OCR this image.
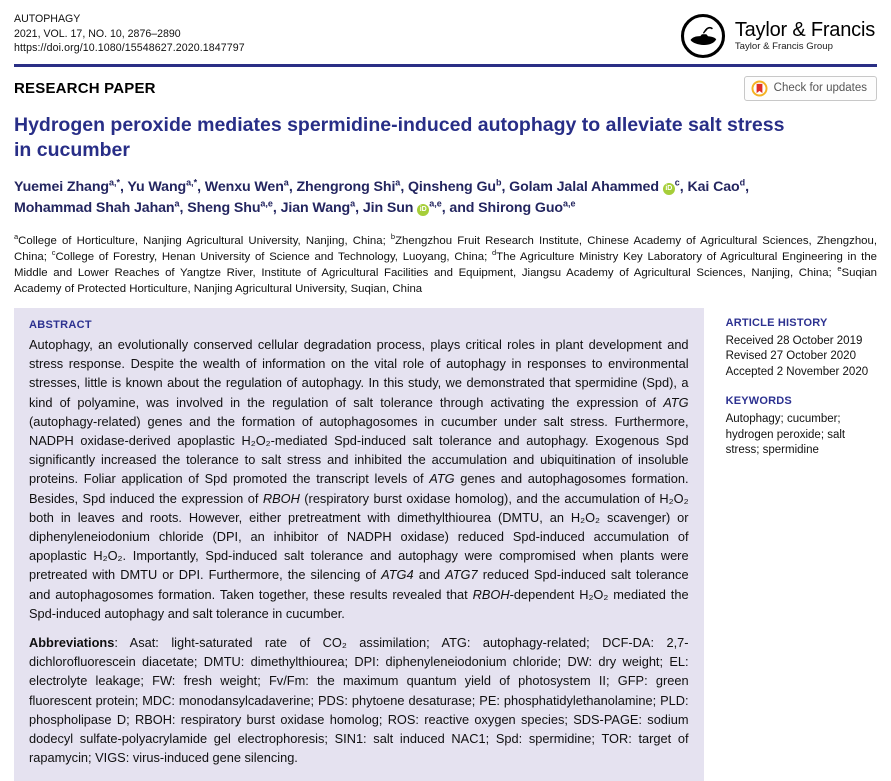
AUTOPHAGY
2021, VOL. 17, NO. 10, 2876–2890
https://doi.org/10.1080/15548627.2020.1847797
Taylor & Francis
Taylor & Francis Group
RESEARCH PAPER	Check for updates
Hydrogen peroxide mediates spermidine-induced autophagy to alleviate salt stress
in cucumber
Yuemei Zhang$^{a,*}$, Yu Wang$^{a,*}$, Wenxu Wen$^a$, Zhengrong Shi$^a$, Qinsheng Gu$^b$, Golam Jalal Ahammed $iD^c$, Kai Cao$^d$,
Mohammad Shah Jahan$^a$, Sheng Shu$^{a,e}$, Jian Wang$^a$, Jin Sun iD$^{a,e}$, and Shirong Guo$^{a,e}$
$^a$College of Horticulture, Nanjing Agricultural University, Nanjing, China; $^b$Zhengzhou Fruit Research Institute, Chinese Academy of Agricultural Sciences, Zhengzhou, China; $^c$College of Forestry, Henan University of Science and Technology, Luoyang, China; $^d$The Agriculture Ministry Key Laboratory of Agricultural Engineering in the Middle and Lower Reaches of Yangtze River, Institute of Agricultural Facilities and Equipment, Jiangsu Academy of Agricultural Sciences, Nanjing, China; $^e$Suqian Academy of Protected Horticulture, Nanjing Agricultural University, Suqian, China
ABSTRACT

Autophagy, an evolutionally conserved cellular degradation process, plays critical roles in plant development and stress response. Despite the wealth of information on the vital role of autophagy in responses to environmental stresses, little is known about the regulation of autophagy. In this study, we demonstrated that spermidine (Spd), a kind of polyamine, was involved in the regulation of salt tolerance through activating the expression of ATG (autophagy-related) genes and the formation of autophagosomes in cucumber under salt stress. Furthermore, NADPH oxidase-derived apoplastic H₂O₂-mediated Spd-induced salt tolerance and autophagy. Exogenous Spd significantly increased the tolerance to salt stress and inhibited the accumulation and ubiquitination of insoluble proteins. Foliar application of Spd promoted the transcript levels of ATG genes and autophagosomes formation. Besides, Spd induced the expression of RBOH (respiratory burst oxidase homolog), and the accumulation of H₂O₂ both in leaves and roots. However, either pretreatment with dimethylthiourea (DMTU, an H₂O₂ scavenger) or diphenyleneiodonium chloride (DPI, an inhibitor of NADPH oxidase) reduced Spd-induced accumulation of apoplastic H₂O₂. Importantly, Spd-induced salt tolerance and autophagy were compromised when plants were pretreated with DMTU or DPI. Furthermore, the silencing of ATG4 and ATG7 reduced Spd-induced salt tolerance and autophagosomes formation. Taken together, these results revealed that RBOH-dependent H₂O₂ mediated the Spd-induced autophagy and salt tolerance in cucumber.

Abbreviations: Asat: light-saturated rate of CO₂ assimilation; ATG: autophagy-related; DCF-DA: 2,7-dichlorofluorescein diacetate; DMTU: dimethylthiourea; DPI: diphenyleneiodonium chloride; DW: dry weight; EL: electrolyte leakage; FW: fresh weight; Fv/Fm: the maximum quantum yield of photosystem II; GFP: green fluorescent protein; MDC: monodansylcadaverine; PDS: phytoene desaturase; PE: phosphatidylethanolamine; PLD: phospholipase D; RBOH: respiratory burst oxidase homolog; ROS: reactive oxygen species; SDS-PAGE: sodium dodecyl sulfate-polyacrylamide gel electrophoresis; SIN1: salt induced NAC1; Spd: spermidine; TOR: target of rapamycin; VIGS: virus-induced gene silencing.

ARTICLE HISTORY
Received 28 October 2019
Revised 27 October 2020
Accepted 2 November 2020
KEYWORDS
Autophagy; cucumber; hydrogen peroxide; salt stress; spermidine
